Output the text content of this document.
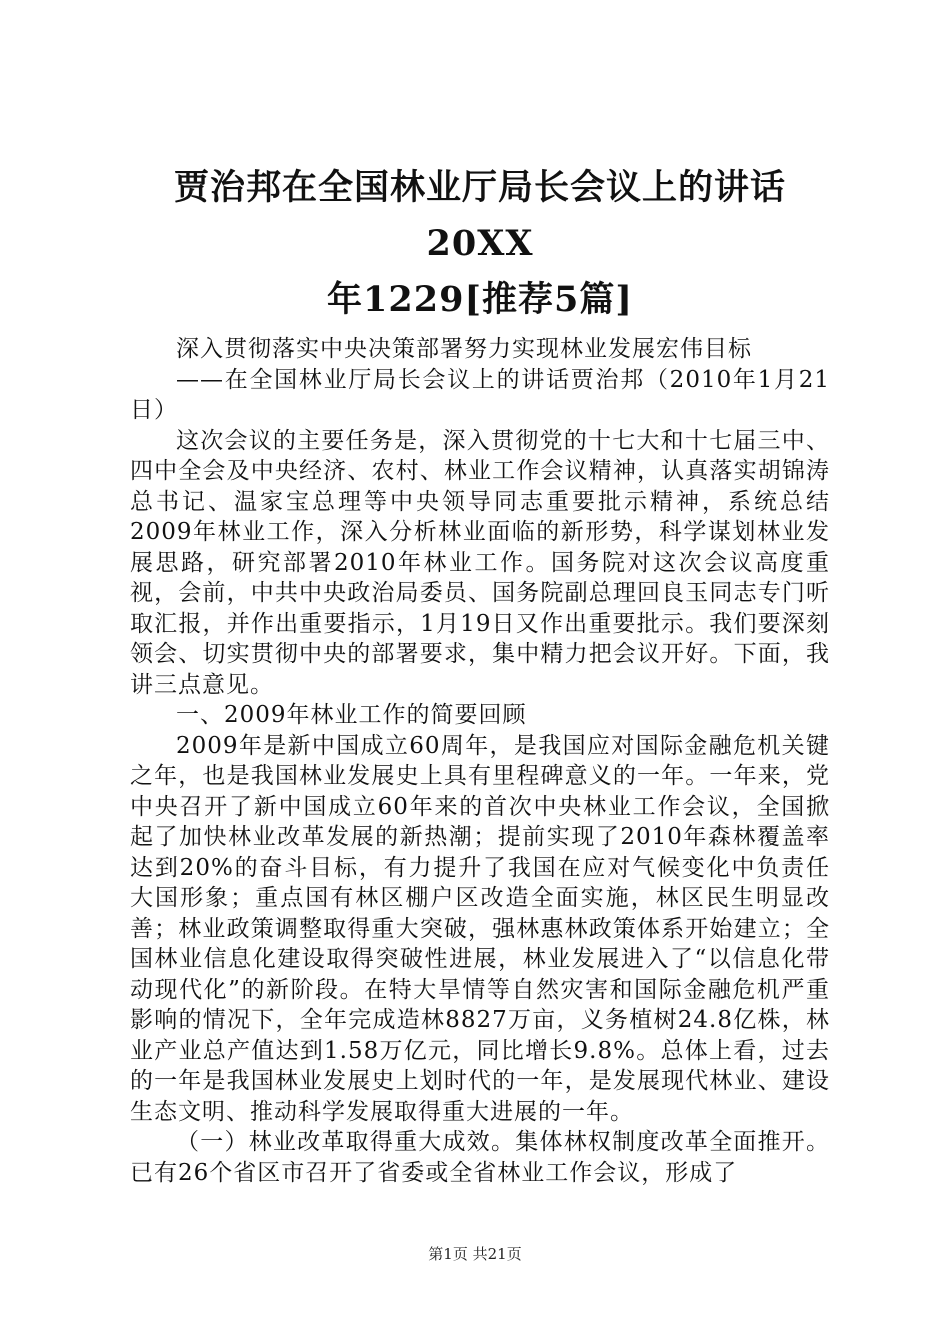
贾治邦在全国林业厅局长会议上的讲话20XX
年1229[推荐5篇]

深入贯彻落实中央决策部署努力实现林业发展宏伟目标

——在全国林业厅局长会议上的讲话贾治邦（2010年1月21日）

这次会议的主要任务是，深入贯彻党的十七大和十七届三中、四中全会及中央经济、农村、林业工作会议精神，认真落实胡锦涛总书记、温家宝总理等中央领导同志重要批示精神，系统总结2009年林业工作，深入分析林业面临的新形势，科学谋划林业发展思路，研究部署2010年林业工作。国务院对这次会议高度重视，会前，中共中央政治局委员、国务院副总理回良玉同志专门听取汇报，并作出重要指示，1月19日又作出重要批示。我们要深刻领会、切实贯彻中央的部署要求，集中精力把会议开好。下面，我讲三点意见。

一、2009年林业工作的简要回顾

2009年是新中国成立60周年，是我国应对国际金融危机关键之年，也是我国林业发展史上具有里程碑意义的一年。一年来，党中央召开了新中国成立60年来的首次中央林业工作会议，全国掀起了加快林业改革发展的新热潮；提前实现了2010年森林覆盖率达到20%的奋斗目标，有力提升了我国在应对气候变化中负责任大国形象；重点国有林区棚户区改造全面实施，林区民生明显改善；林业政策调整取得重大突破，强林惠林政策体系开始建立；全国林业信息化建设取得突破性进展，林业发展进入了“以信息化带动现代化”的新阶段。在特大旱情等自然灾害和国际金融危机严重影响的情况下，全年完成造林8827万亩，义务植树24.8亿株，林业产业总产值达到1.58万亿元，同比增长9.8%。总体上看，过去的一年是我国林业发展史上划时代的一年，是发展现代林业、建设生态文明、推动科学发展取得重大进展的一年。

（一）林业改革取得重大成效。集体林权制度改革全面推开。已有26个省区市召开了省委或全省林业工作会议，形成了

第1页 共21页
